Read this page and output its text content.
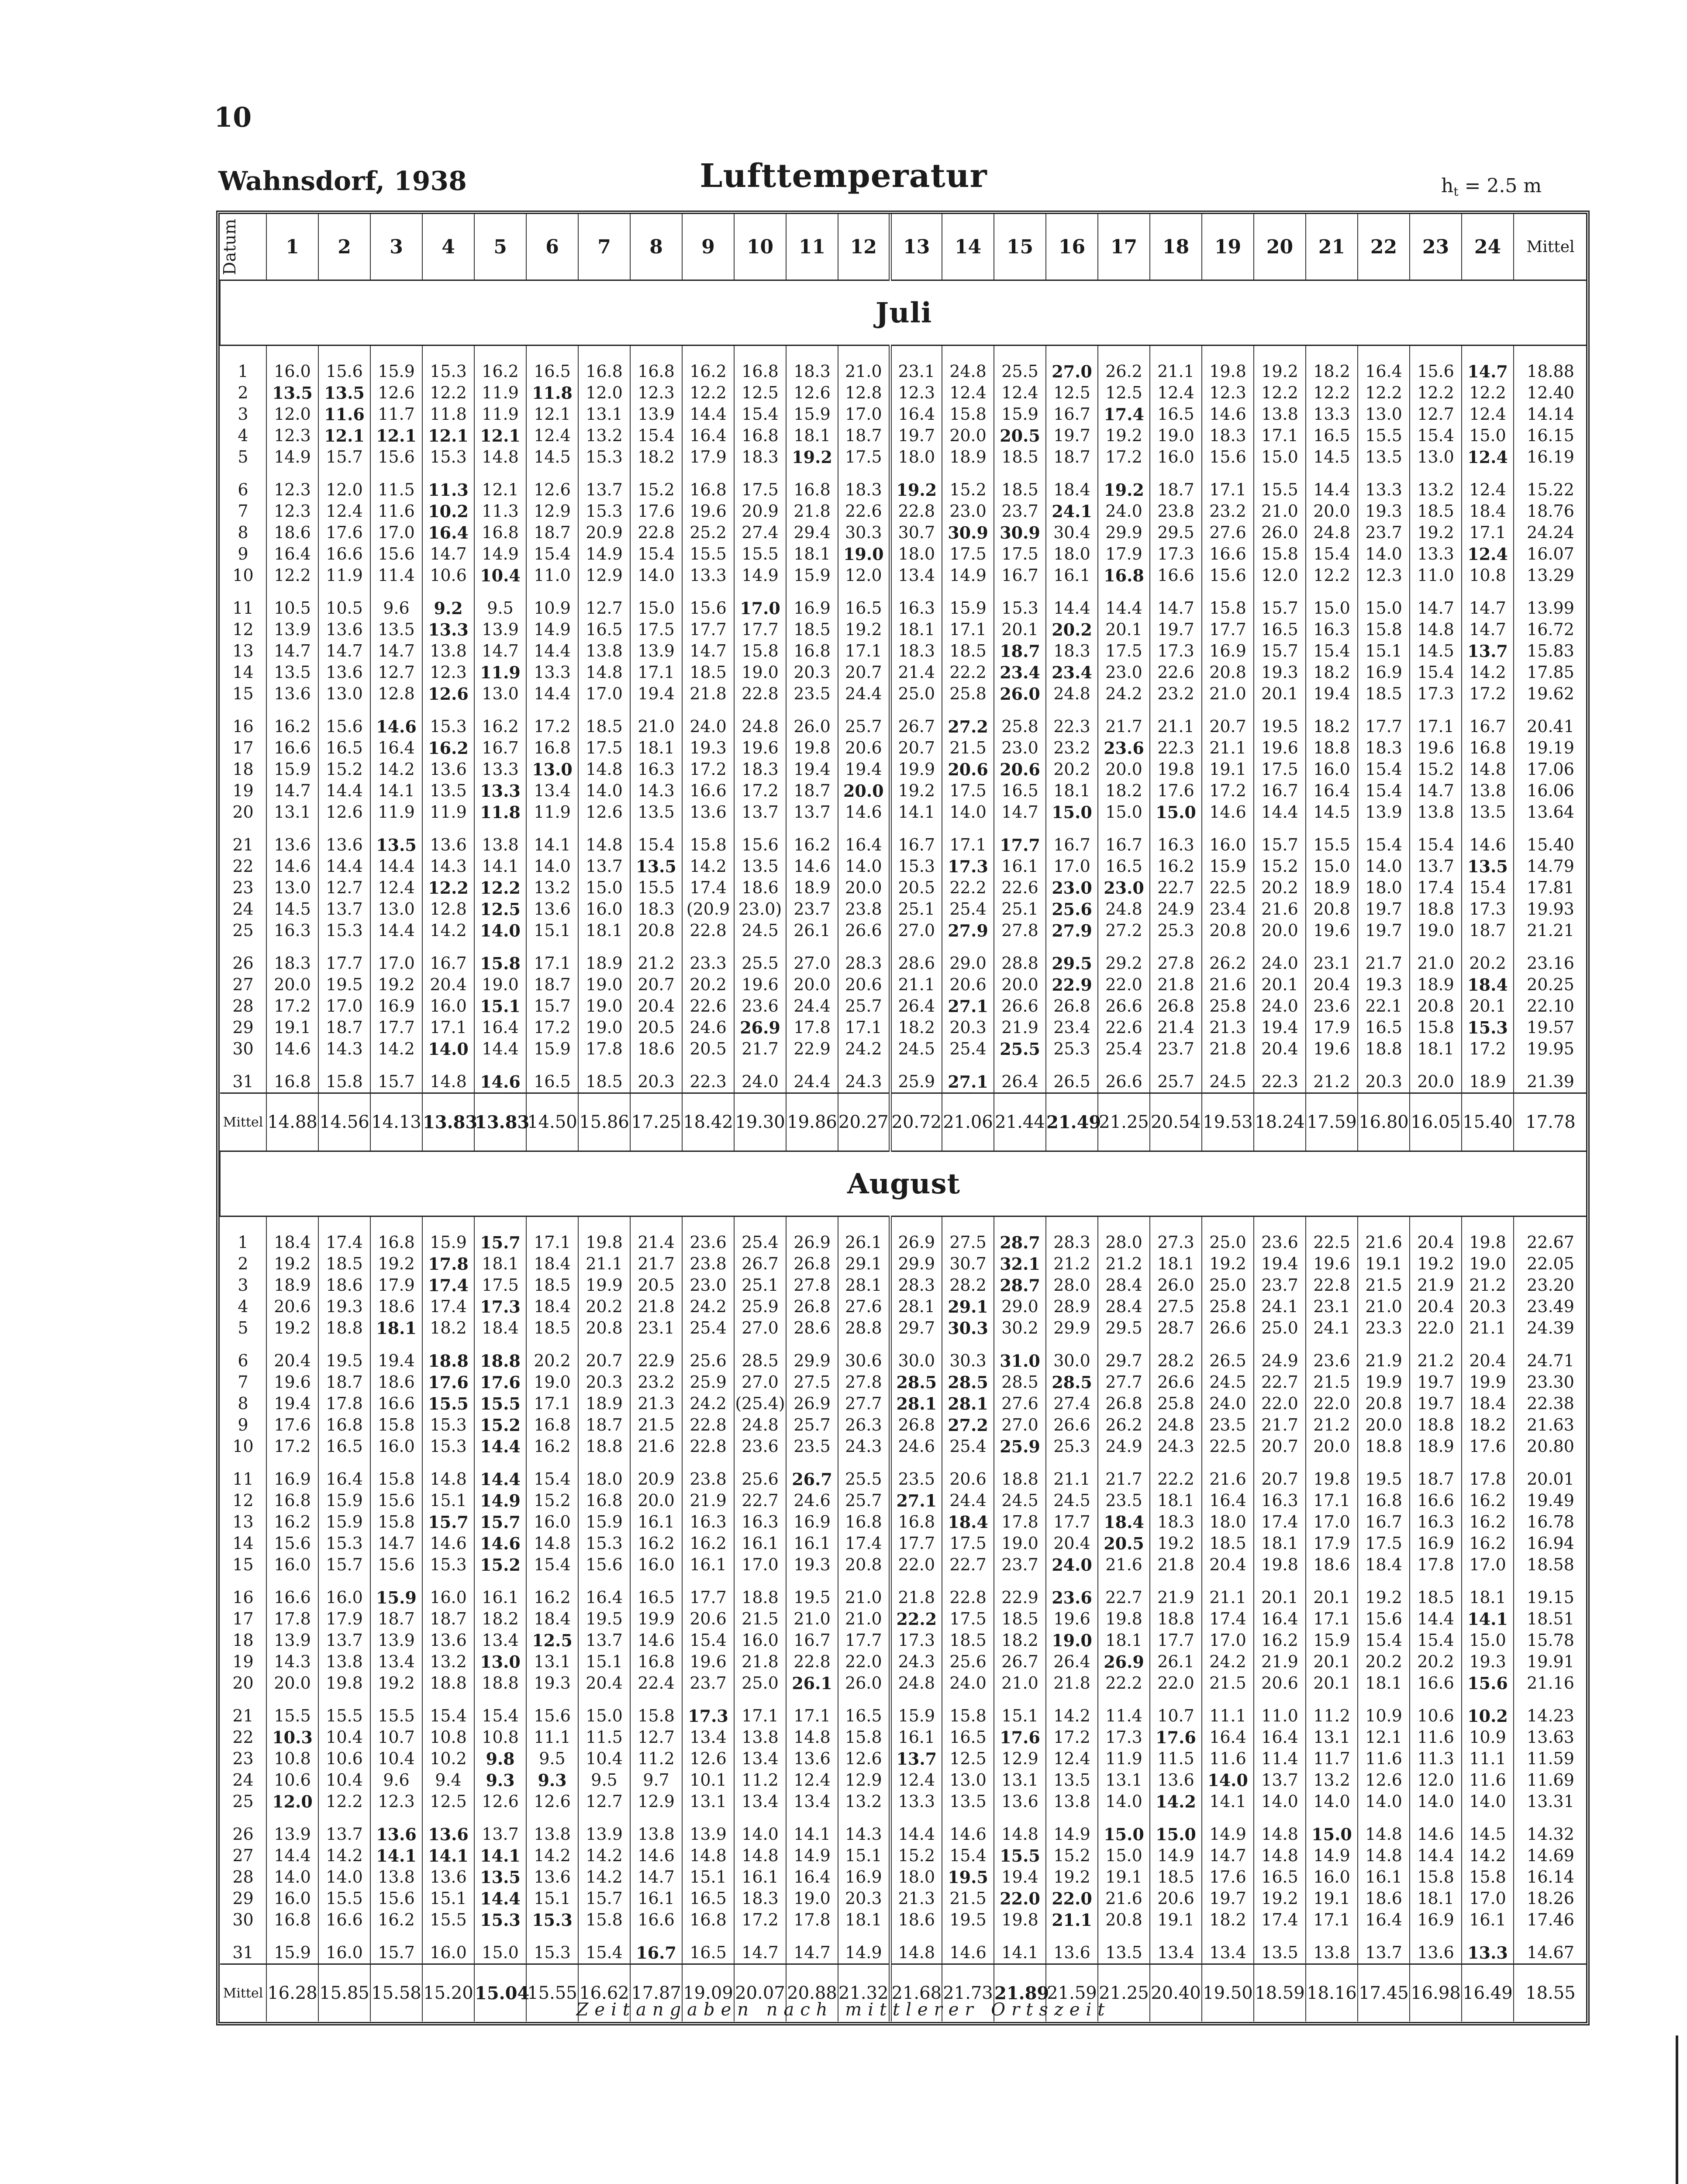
10
Wahnsdorf, 1938	Lufttemperatur	$h_t = 2.5$ m
Datum	1	2	3	4	5	6	7	8	9	10	11	12	13	14	15	16	17	18	19	20	21	22	23	24	Mittel
Juli																									
1	16.0	15.6	15.9	15.3	16.2	16.5	16.8	16.8	16.2	16.8	18.3	21.0	23.1	24.8	25.5	27.0	26.2	21.1	19.8	19.2	18.2	16.4	15.6	14.7	18.88
2	13.5	13.5	12.6	12.2	11.9	11.8	12.0	12.3	12.2	12.5	12.6	12.8	12.3	12.4	12.4	12.5	12.5	12.4	12.3	12.2	12.2	12.2	12.2	12.2	12.40
3	12.0	11.6	11.7	11.8	11.9	12.1	13.1	13.9	14.4	15.4	15.9	17.0	16.4	15.8	15.9	16.7	17.4	16.5	14.6	13.8	13.3	13.0	12.7	12.4	14.14
4	12.3	12.1	12.1	12.1	12.1	12.4	13.2	15.4	16.4	16.8	18.1	18.7	19.7	20.0	20.5	19.7	19.2	19.0	18.3	17.1	16.5	15.5	15.4	15.0	16.15
5	14.9	15.7	15.6	15.3	14.8	14.5	15.3	18.2	17.9	18.3	19.2	17.5	18.0	18.9	18.5	18.7	17.2	16.0	15.6	15.0	14.5	13.5	13.0	12.4	16.19
6	12.3	12.0	11.5	11.3	12.1	12.6	13.7	15.2	16.8	17.5	16.8	18.3	19.2	15.2	18.5	18.4	19.2	18.7	17.1	15.5	14.4	13.3	13.2	12.4	15.22
7	12.3	12.4	11.6	10.2	11.3	12.9	15.3	17.6	19.6	20.9	21.8	22.6	22.8	23.0	23.7	24.1	24.0	23.8	23.2	21.0	20.0	19.3	18.5	18.4	18.76
8	18.6	17.6	17.0	16.4	16.8	18.7	20.9	22.8	25.2	27.4	29.4	30.3	30.7	30.9	30.9	30.4	29.9	29.5	27.6	26.0	24.8	23.7	19.2	17.1	24.24
9	16.4	16.6	15.6	14.7	14.9	15.4	14.9	15.4	15.5	15.5	18.1	19.0	18.0	17.5	17.5	18.0	17.9	17.3	16.6	15.8	15.4	14.0	13.3	12.4	16.07
10	12.2	11.9	11.4	10.6	10.4	11.0	12.9	14.0	13.3	14.9	15.9	12.0	13.4	14.9	16.7	16.1	16.8	16.6	15.6	12.0	12.2	12.3	11.0	10.8	13.29
11	10.5	10.5	9.6	9.2	9.5	10.9	12.7	15.0	15.6	17.0	16.9	16.5	16.3	15.9	15.3	14.4	14.4	14.7	15.8	15.7	15.0	15.0	14.7	14.7	13.99
12	13.9	13.6	13.5	13.3	13.9	14.9	16.5	17.5	17.7	17.7	18.5	19.2	18.1	17.1	20.1	20.2	20.1	19.7	17.7	16.5	16.3	15.8	14.8	14.7	16.72
13	14.7	14.7	14.7	13.8	14.7	14.4	13.8	13.9	14.7	15.8	16.8	17.1	18.3	18.5	18.7	18.3	17.5	17.3	16.9	15.7	15.4	15.1	14.5	13.7	15.83
14	13.5	13.6	12.7	12.3	11.9	13.3	14.8	17.1	18.5	19.0	20.3	20.7	21.4	22.2	23.4	23.4	23.0	22.6	20.8	19.3	18.2	16.9	15.4	14.2	17.85
15	13.6	13.0	12.8	12.6	13.0	14.4	17.0	19.4	21.8	22.8	23.5	24.4	25.0	25.8	26.0	24.8	24.2	23.2	21.0	20.1	19.4	18.5	17.3	17.2	19.62
16	16.2	15.6	14.6	15.3	16.2	17.2	18.5	21.0	24.0	24.8	26.0	25.7	26.7	27.2	25.8	22.3	21.7	21.1	20.7	19.5	18.2	17.7	17.1	16.7	20.41
17	16.6	16.5	16.4	16.2	16.7	16.8	17.5	18.1	19.3	19.6	19.8	20.6	20.7	21.5	23.0	23.2	23.6	22.3	21.1	19.6	18.8	18.3	19.6	16.8	19.19
18	15.9	15.2	14.2	13.6	13.3	13.0	14.8	16.3	17.2	18.3	19.4	19.4	19.9	20.6	20.6	20.2	20.0	19.8	19.1	17.5	16.0	15.4	15.2	14.8	17.06
19	14.7	14.4	14.1	13.5	13.3	13.4	14.0	14.3	16.6	17.2	18.7	20.0	19.2	17.5	16.5	18.1	18.2	17.6	17.2	16.7	16.4	15.4	14.7	13.8	16.06
20	13.1	12.6	11.9	11.9	11.8	11.9	12.6	13.5	13.6	13.7	13.7	14.6	14.1	14.0	14.7	15.0	15.0	15.0	14.6	14.4	14.5	13.9	13.8	13.5	13.64
21	13.6	13.6	13.5	13.6	13.8	14.1	14.8	15.4	15.8	15.6	16.2	16.4	16.7	17.1	17.7	16.7	16.7	16.3	16.0	15.7	15.5	15.4	15.4	14.6	15.40
22	14.6	14.4	14.4	14.3	14.1	14.0	13.7	13.5	14.2	13.5	14.6	14.0	15.3	17.3	16.1	17.0	16.5	16.2	15.9	15.2	15.0	14.0	13.7	13.5	14.79
23	13.0	12.7	12.4	12.2	12.2	13.2	15.0	15.5	17.4	18.6	18.9	20.0	20.5	22.2	22.6	23.0	23.0	22.7	22.5	20.2	18.9	18.0	17.4	15.4	17.81
24	14.5	13.7	13.0	12.8	12.5	13.6	16.0	18.3	(20.9	23.0)	23.7	23.8	25.1	25.4	25.1	25.6	24.8	24.9	23.4	21.6	20.8	19.7	18.8	17.3	19.93
25	16.3	15.3	14.4	14.2	14.0	15.1	18.1	20.8	22.8	24.5	26.1	26.6	27.0	27.9	27.8	27.9	27.2	25.3	20.8	20.0	19.6	19.7	19.0	18.7	21.21
26	18.3	17.7	17.0	16.7	15.8	17.1	18.9	21.2	23.3	25.5	27.0	28.3	28.6	29.0	28.8	29.5	29.2	27.8	26.2	24.0	23.1	21.7	21.0	20.2	23.16
27	20.0	19.5	19.2	20.4	19.0	18.7	19.0	20.7	20.2	19.6	20.0	20.6	21.1	20.6	20.0	22.9	22.0	21.8	21.6	20.1	20.4	19.3	18.9	18.4	20.25
28	17.2	17.0	16.9	16.0	15.1	15.7	19.0	20.4	22.6	23.6	24.4	25.7	26.4	27.1	26.6	26.8	26.6	26.8	25.8	24.0	23.6	22.1	20.8	20.1	22.10
29	19.1	18.7	17.7	17.1	16.4	17.2	19.0	20.5	24.6	26.9	17.8	17.1	18.2	20.3	21.9	23.4	22.6	21.4	21.3	19.4	17.9	16.5	15.8	15.3	19.57
30	14.6	14.3	14.2	14.0	14.4	15.9	17.8	18.6	20.5	21.7	22.9	24.2	24.5	25.4	25.5	25.3	25.4	23.7	21.8	20.4	19.6	18.8	18.1	17.2	19.95
31	16.8	15.8	15.7	14.8	14.6	16.5	18.5	20.3	22.3	24.0	24.4	24.3	25.9	27.1	26.4	26.5	26.6	25.7	24.5	22.3	21.2	20.3	20.0	18.9	21.39
Mittel	14.88	14.56	14.13	13.83	13.83	14.50	15.86	17.25	18.42	19.30	19.86	20.27	20.72	21.06	21.44	21.49	21.25	20.54	19.53	18.24	17.59	16.80	16.05	15.40	17.78
August																									
1	18.4	17.4	16.8	15.9	15.7	17.1	19.8	21.4	23.6	25.4	26.9	26.1	26.9	27.5	28.7	28.3	28.0	27.3	25.0	23.6	22.5	21.6	20.4	19.8	22.67
2	19.2	18.5	19.2	17.8	18.1	18.4	21.1	21.7	23.8	26.7	26.8	29.1	29.9	30.7	32.1	21.2	21.2	18.1	19.2	19.4	19.6	19.1	19.2	19.0	22.05
3	18.9	18.6	17.9	17.4	17.5	18.5	19.9	20.5	23.0	25.1	27.8	28.1	28.3	28.2	28.7	28.0	28.4	26.0	25.0	23.7	22.8	21.5	21.9	21.2	23.20
4	20.6	19.3	18.6	17.4	17.3	18.4	20.2	21.8	24.2	25.9	26.8	27.6	28.1	29.1	29.0	28.9	28.4	27.5	25.8	24.1	23.1	21.0	20.4	20.3	23.49
5	19.2	18.8	18.1	18.2	18.4	18.5	20.8	23.1	25.4	27.0	28.6	28.8	29.7	30.3	30.2	29.9	29.5	28.7	26.6	25.0	24.1	23.3	22.0	21.1	24.39
6	20.4	19.5	19.4	18.8	18.8	20.2	20.7	22.9	25.6	28.5	29.9	30.6	30.0	30.3	31.0	30.0	29.7	28.2	26.5	24.9	23.6	21.9	21.2	20.4	24.71
7	19.6	18.7	18.6	17.6	17.6	19.0	20.3	23.2	25.9	27.0	27.5	27.8	28.5	28.5	28.5	28.5	27.7	26.6	24.5	22.7	21.5	19.9	19.7	19.9	23.30
8	19.4	17.8	16.6	15.5	15.5	17.1	18.9	21.3	24.2	(25.4)	26.9	27.7	28.1	28.1	27.6	27.4	26.8	25.8	24.0	22.0	22.0	20.8	19.7	18.4	22.38
9	17.6	16.8	15.8	15.3	15.2	16.8	18.7	21.5	22.8	24.8	25.7	26.3	26.8	27.2	27.0	26.6	26.2	24.8	23.5	21.7	21.2	20.0	18.8	18.2	21.63
10	17.2	16.5	16.0	15.3	14.4	16.2	18.8	21.6	22.8	23.6	23.5	24.3	24.6	25.4	25.9	25.3	24.9	24.3	22.5	20.7	20.0	18.8	18.9	17.6	20.80
11	16.9	16.4	15.8	14.8	14.4	15.4	18.0	20.9	23.8	25.6	26.7	25.5	23.5	20.6	18.8	21.1	21.7	22.2	21.6	20.7	19.8	19.5	18.7	17.8	20.01
12	16.8	15.9	15.6	15.1	14.9	15.2	16.8	20.0	21.9	22.7	24.6	25.7	27.1	24.4	24.5	24.5	23.5	18.1	16.4	16.3	17.1	16.8	16.6	16.2	19.49
13	16.2	15.9	15.8	15.7	15.7	16.0	15.9	16.1	16.3	16.3	16.9	16.8	16.8	18.4	17.8	17.7	18.4	18.3	18.0	17.4	17.0	16.7	16.3	16.2	16.78
14	15.6	15.3	14.7	14.6	14.6	14.8	15.3	16.2	16.2	16.1	16.1	17.4	17.7	17.5	19.0	20.4	20.5	19.2	18.5	18.1	17.9	17.5	16.9	16.2	16.94
15	16.0	15.7	15.6	15.3	15.2	15.4	15.6	16.0	16.1	17.0	19.3	20.8	22.0	22.7	23.7	24.0	21.6	21.8	20.4	19.8	18.6	18.4	17.8	17.0	18.58
16	16.6	16.0	15.9	16.0	16.1	16.2	16.4	16.5	17.7	18.8	19.5	21.0	21.8	22.8	22.9	23.6	22.7	21.9	21.1	20.1	20.1	19.2	18.5	18.1	19.15
17	17.8	17.9	18.7	18.7	18.2	18.4	19.5	19.9	20.6	21.5	21.0	21.0	22.2	17.5	18.5	19.6	19.8	18.8	17.4	16.4	17.1	15.6	14.4	14.1	18.51
18	13.9	13.7	13.9	13.6	13.4	12.5	13.7	14.6	15.4	16.0	16.7	17.7	17.3	18.5	18.2	19.0	18.1	17.7	17.0	16.2	15.9	15.4	15.4	15.0	15.78
19	14.3	13.8	13.4	13.2	13.0	13.1	15.1	16.8	19.6	21.8	22.8	22.0	24.3	25.6	26.7	26.4	26.9	26.1	24.2	21.9	20.1	20.2	20.2	19.3	19.91
20	20.0	19.8	19.2	18.8	18.8	19.3	20.4	22.4	23.7	25.0	26.1	26.0	24.8	24.0	21.0	21.8	22.2	22.0	21.5	20.6	20.1	18.1	16.6	15.6	21.16
21	15.5	15.5	15.5	15.4	15.4	15.6	15.0	15.8	17.3	17.1	17.1	16.5	15.9	15.8	15.1	14.2	11.4	10.7	11.1	11.0	11.2	10.9	10.6	10.2	14.23
22	10.3	10.4	10.7	10.8	10.8	11.1	11.5	12.7	13.4	13.8	14.8	15.8	16.1	16.5	17.6	17.2	17.3	17.6	16.4	16.4	13.1	12.1	11.6	10.9	13.63
23	10.8	10.6	10.4	10.2	9.8	9.5	10.4	11.2	12.6	13.4	13.6	12.6	13.7	12.5	12.9	12.4	11.9	11.5	11.6	11.4	11.7	11.6	11.3	11.1	11.59
24	10.6	10.4	9.6	9.4	9.3	9.3	9.5	9.7	10.1	11.2	12.4	12.9	12.4	13.0	13.1	13.5	13.1	13.6	14.0	13.7	13.2	12.6	12.0	11.6	11.69
25	12.0	12.2	12.3	12.5	12.6	12.6	12.7	12.9	13.1	13.4	13.4	13.2	13.3	13.5	13.6	13.8	14.0	14.2	14.1	14.0	14.0	14.0	14.0	14.0	13.31
26	13.9	13.7	13.6	13.6	13.7	13.8	13.9	13.8	13.9	14.0	14.1	14.3	14.4	14.6	14.8	14.9	15.0	15.0	14.9	14.8	15.0	14.8	14.6	14.5	14.32
27	14.4	14.2	14.1	14.1	14.1	14.2	14.2	14.6	14.8	14.8	14.9	15.1	15.2	15.4	15.5	15.2	15.0	14.9	14.7	14.8	14.9	14.8	14.4	14.2	14.69
28	14.0	14.0	13.8	13.6	13.5	13.6	14.2	14.7	15.1	16.1	16.4	16.9	18.0	19.5	19.4	19.2	19.1	18.5	17.6	16.5	16.0	16.1	15.8	15.8	16.14
29	16.0	15.5	15.6	15.1	14.4	15.1	15.7	16.1	16.5	18.3	19.0	20.3	21.3	21.5	22.0	22.0	21.6	20.6	19.7	19.2	19.1	18.6	18.1	17.0	18.26
30	16.8	16.6	16.2	15.5	15.3	15.3	15.8	16.6	16.8	17.2	17.8	18.1	18.6	19.5	19.8	21.1	20.8	19.1	18.2	17.4	17.1	16.4	16.9	16.1	17.46
31	15.9	16.0	15.7	16.0	15.0	15.3	15.4	16.7	16.5	14.7	14.7	14.9	14.8	14.6	14.1	13.6	13.5	13.4	13.4	13.5	13.8	13.7	13.6	13.3	14.67
Mittel	16.28	15.85	15.58	15.20	15.04	15.55	16.62	17.87	19.09	20.07	20.88	21.32	21.68	21.73	21.89	21.59	21.25	20.40	19.50	18.59	18.16	17.45	16.98	16.49	18.55
Zeitangaben nach mittlerer Ortszeit
